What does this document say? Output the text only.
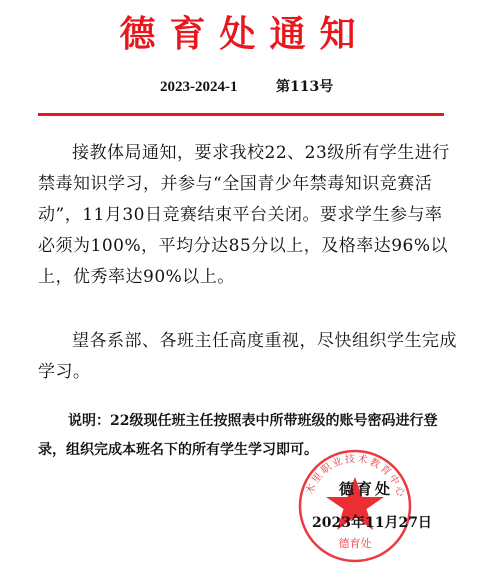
德育处通知
2023-2024-1	第113号

接教体局通知，要求我校22、23级所有学生进行禁毒知识学习，并参与“全国青少年禁毒知识竞赛活动”，11月30日竞赛结束平台关闭。要求学生参与率必须为100%，平均分达85分以上，及格率达96%以上，优秀率达90%以上。

望各系部、各班主任高度重视，尽快组织学生完成学习。

说明：22级现任班主任按照表中所带班级的账号密码进行登录，组织完成本班名下的所有学生学习即可。

木里职业技术教育中心
德育处
德育处
2023年11月27日
